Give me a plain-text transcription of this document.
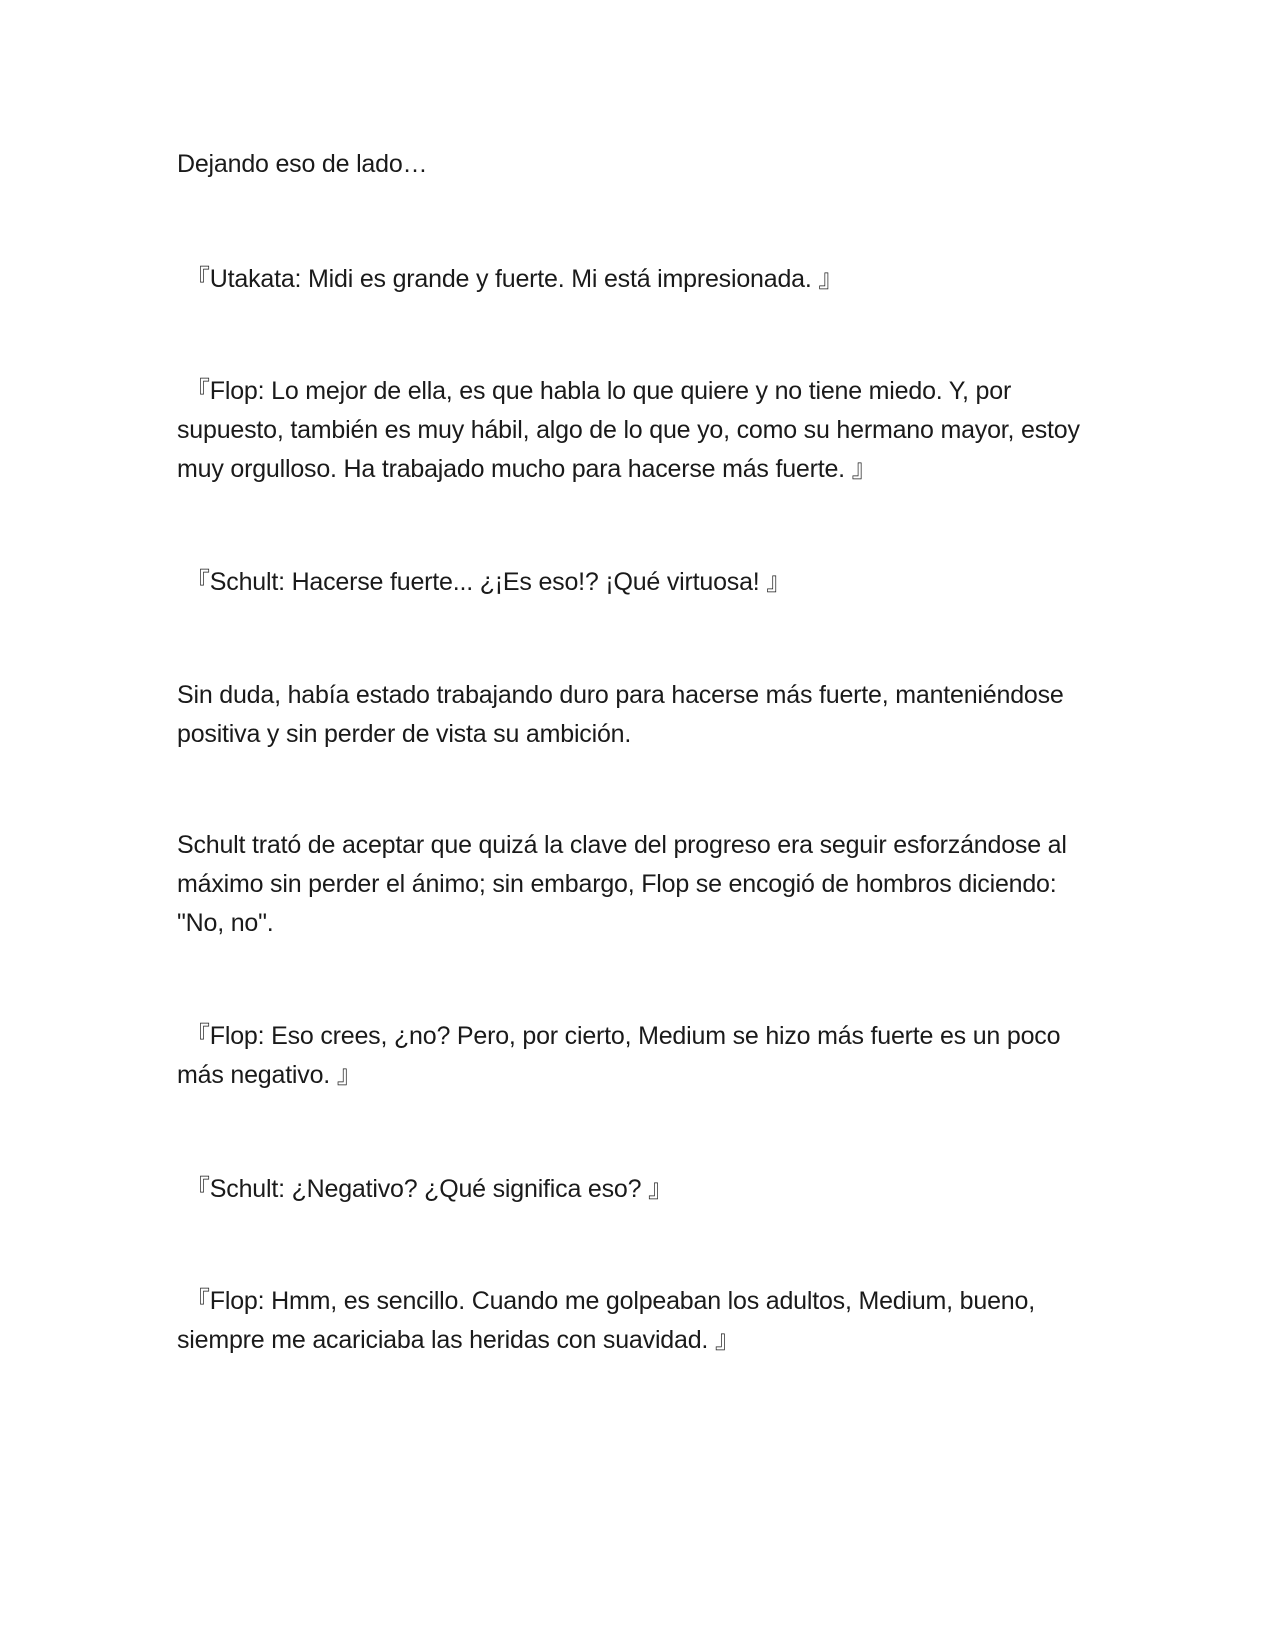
Dejando eso de lado…

『Utakata: Midi es grande y fuerte. Mi está impresionada. 』

『Flop: Lo mejor de ella, es que habla lo que quiere y no tiene miedo. Y, por supuesto, también es muy hábil, algo de lo que yo, como su hermano mayor, estoy muy orgulloso. Ha trabajado mucho para hacerse más fuerte. 』

『Schult: Hacerse fuerte... ¿¡Es eso!? ¡Qué virtuosa! 』

Sin duda, había estado trabajando duro para hacerse más fuerte, manteniéndose positiva y sin perder de vista su ambición.

Schult trató de aceptar que quizá la clave del progreso era seguir esforzándose al máximo sin perder el ánimo; sin embargo, Flop se encogió de hombros diciendo: "No, no".

『Flop: Eso crees, ¿no? Pero, por cierto, Medium se hizo más fuerte es un poco más negativo. 』

『Schult: ¿Negativo? ¿Qué significa eso? 』

『Flop: Hmm, es sencillo. Cuando me golpeaban los adultos, Medium, bueno, siempre me acariciaba las heridas con suavidad. 』
